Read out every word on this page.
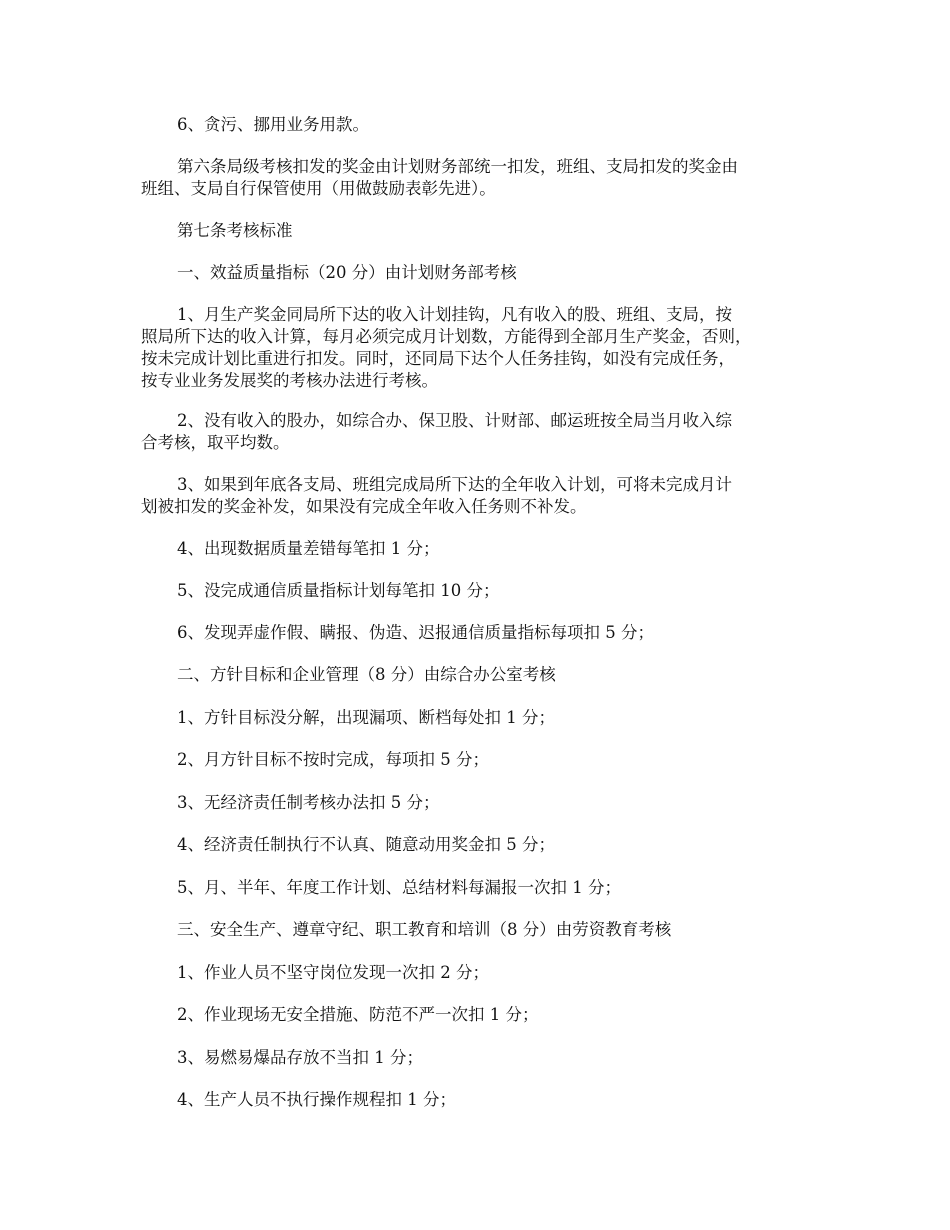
6、贪污、挪用业务用款。

第六条局级考核扣发的奖金由计划财务部统一扣发，班组、支局扣发的奖金由
班组、支局自行保管使用（用做鼓励表彰先进）。

第七条考核标准

一、效益质量指标（20 分）由计划财务部考核

1、月生产奖金同局所下达的收入计划挂钩，凡有收入的股、班组、支局，按
照局所下达的收入计算，每月必须完成月计划数，方能得到全部月生产奖金，否则，
按未完成计划比重进行扣发。同时，还同局下达个人任务挂钩，如没有完成任务，
按专业业务发展奖的考核办法进行考核。

2、没有收入的股办，如综合办、保卫股、计财部、邮运班按全局当月收入综
合考核，取平均数。

3、如果到年底各支局、班组完成局所下达的全年收入计划，可将未完成月计
划被扣发的奖金补发，如果没有完成全年收入任务则不补发。

4、出现数据质量差错每笔扣 1 分；

5、没完成通信质量指标计划每笔扣 10 分；

6、发现弄虚作假、瞒报、伪造、迟报通信质量指标每项扣 5 分；

二、方针目标和企业管理（8 分）由综合办公室考核

1、方针目标没分解，出现漏项、断档每处扣 1 分；

2、月方针目标不按时完成，每项扣 5 分；

3、无经济责任制考核办法扣 5 分；

4、经济责任制执行不认真、随意动用奖金扣 5 分；

5、月、半年、年度工作计划、总结材料每漏报一次扣 1 分；

三、安全生产、遵章守纪、职工教育和培训（8 分）由劳资教育考核

1、作业人员不坚守岗位发现一次扣 2 分；

2、作业现场无安全措施、防范不严一次扣 1 分；

3、易燃易爆品存放不当扣 1 分；

4、生产人员不执行操作规程扣 1 分；
